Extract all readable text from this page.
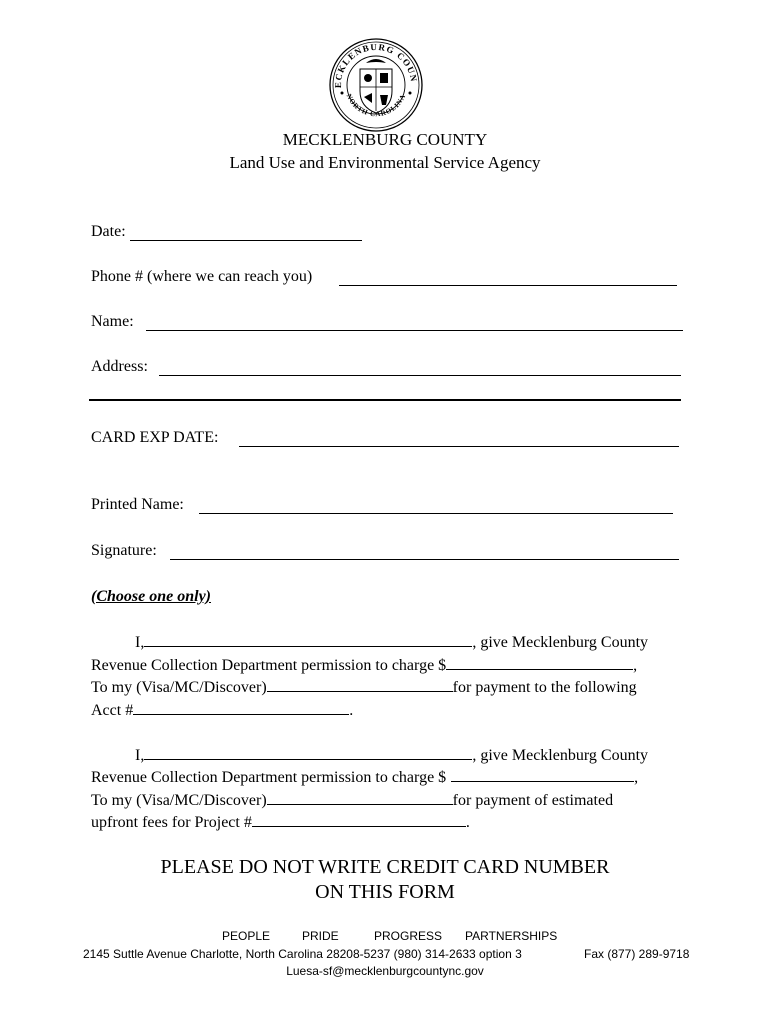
ECKLENBURG COUN
NORTH CAROLINA
MECKLENBURG COUNTY
Land Use and Environmental Service Agency
Date:
Phone # (where we can reach you)
Name:
Address:
CARD EXP DATE:
Printed Name:
Signature:
(Choose one only)
I,	, give Mecklenburg County
Revenue Collection Department permission to charge $	,
To my (Visa/MC/Discover)	for payment to the following
Acct #	.
I,	, give Mecklenburg County
Revenue Collection Department permission to charge $	,
To my (Visa/MC/Discover)	for payment of estimated
upfront fees for Project #	.
PLEASE DO NOT WRITE CREDIT CARD NUMBER
ON THIS FORM
PEOPLE	PRIDE	PROGRESS PARTNERSHIPS
2145 Suttle Avenue Charlotte, North Carolina 28208-5237 (980) 314-2633 option 3	Fax (877) 289-9718
Luesa-sf@mecklenburgcountync.gov
